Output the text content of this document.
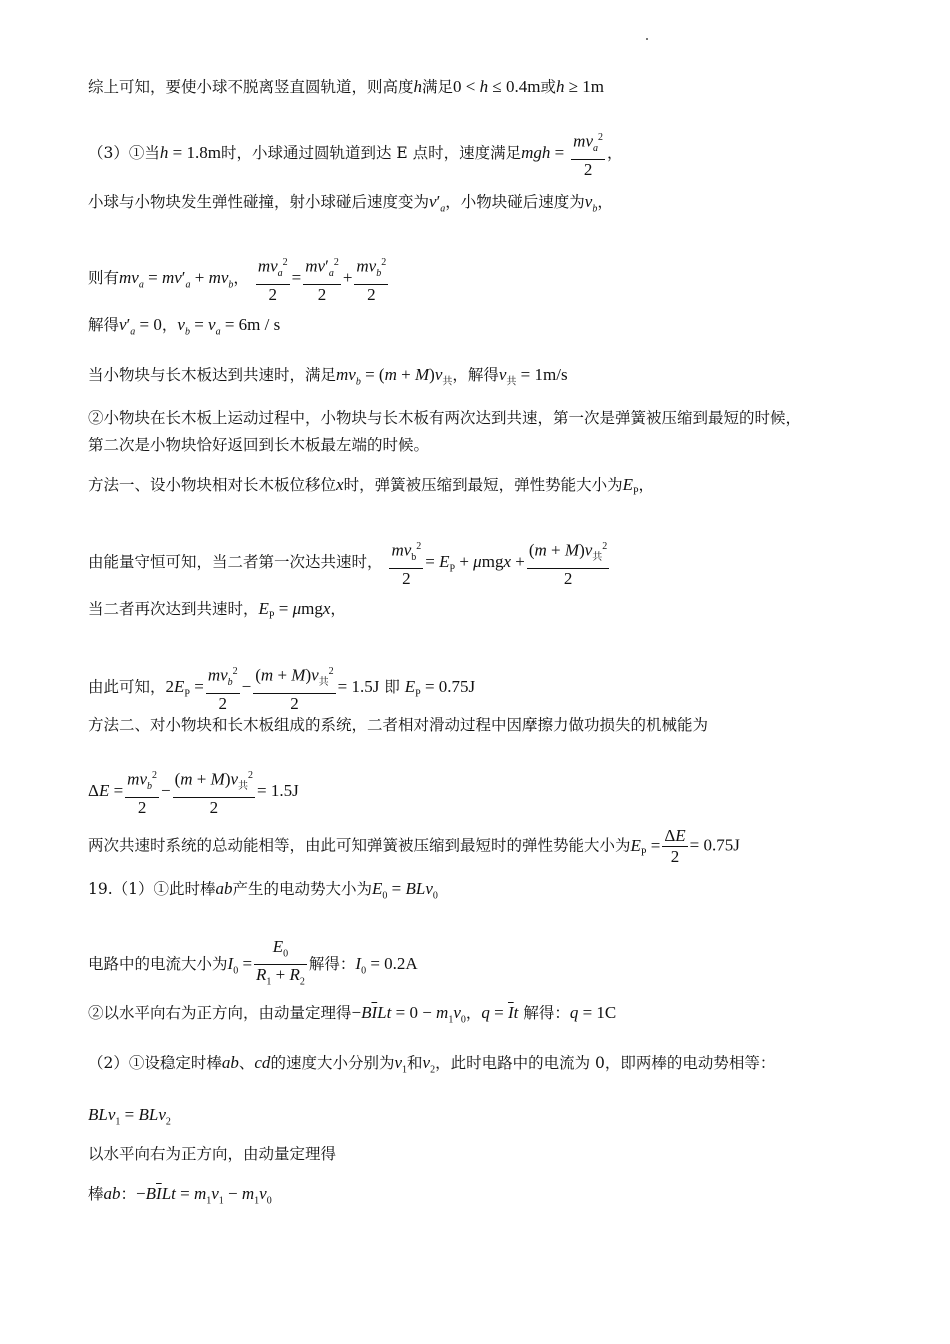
综上可知，要使小球不脱离竖直圆轨道，则高度h满足0 < h ≤ 0.4m或h ≥ 1m
（3）①当h = 1.8m时，小球通过圆轨道到达 E 点时，速度满足mgh = $\frac{mv_a^2}{2}$ ，
小球与小物块发生弹性碰撞，射小球碰后速度变为$v'_a$，小物块碰后速度为$v_b$，
则有$mv_a = mv'_a + mv_b$， $\frac{mv_a^2}{2} = \frac{mv'_a^2}{2} + \frac{mv_b^2}{2}$
解得$v'_a = 0$，$v_b = v_a = 6m / s$
当小物块与长木板达到共速时，满足$mv_b = (m + M)v_共$，解得$v_共 = 1m/s$
②小物块在长木板上运动过程中，小物块与长木板有两次达到共速，第一次是弹簧被压缩到最短的时候，
第二次是小物块恰好返回到长木板最左端的时候。
方法一、设小物块相对长木板位移位x时，弹簧被压缩到最短，弹性势能大小为$E_P$，
由能量守恒可知，当二者第一次达共速时， $\frac{mv_b^2}{2} = E_P + \mu mgx + \frac{(m + M)v_共^2}{2}$
当二者再次达到共速时，$E_P = \mu mgx$，
由此可知，$2E_P = \frac{mv_b^2}{2} - \frac{(m + M)v_共^2}{2} = 1.5J$ 即 $E_P = 0.75J$
方法二、对小物块和长木板组成的系统，二者相对滑动过程中因摩擦力做功损失的机械能为
$\Delta E = \frac{mv_b^2}{2} - \frac{(m + M)v_共^2}{2} = 1.5J$
两次共速时系统的总动能相等，由此可知弹簧被压缩到最短时的弹性势能大小为$E_P = \frac{\Delta E}{2} = 0.75J$
19.（1）①此时棒ab产生的电动势大小为$E_0 = BLv_0$
电路中的电流大小为$I_0 = \frac{E_0}{R_1 + R_2}$ 解得：$I_0 = 0.2A$
②以水平向右为正方向，由动量定理得$-B\overline{I}Lt = 0 - m_1v_0$，$q = \overline{I}t$ 解得：q = 1C
（2）①设稳定时棒ab、cd的速度大小分别为$v_1$和$v_2$，此时电路中的电流为 0，即两棒的电动势相等：
BLv$_1$ = BLv$_2$
以水平向右为正方向，由动量定理得
棒ab：$-B\overline{I}Lt = m_1v_1 - m_1v_0$
